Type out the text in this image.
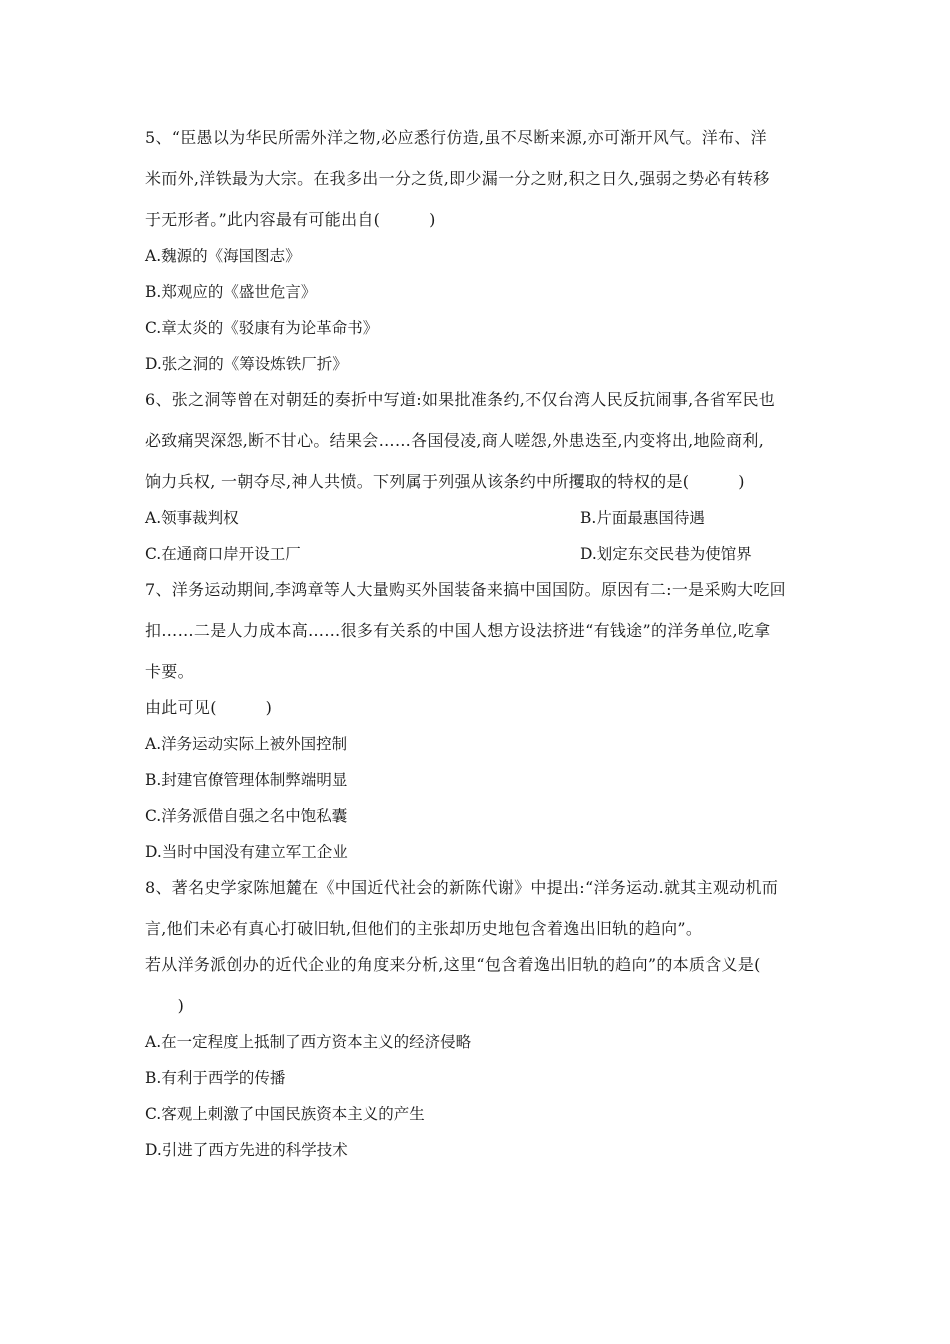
5、“臣愚以为华民所需外洋之物,必应悉行仿造,虽不尽断来源,亦可渐开风气。洋布、洋
米而外,洋铁最为大宗。在我多出一分之货,即少漏一分之财,积之日久,强弱之势必有转移
于无形者。”此内容最有可能出自(　　　)
A.魏源的《海国图志》
B.郑观应的《盛世危言》
C.章太炎的《驳康有为论革命书》
D.张之洞的《筹设炼铁厂折》
6、张之洞等曾在对朝廷的奏折中写道:如果批准条约,不仅台湾人民反抗闹事,各省军民也
必致痛哭深怨,断不甘心。结果会……各国侵凌,商人嗟怨,外患迭至,内变将出,地险商利,
饷力兵权, 一朝夺尽,神人共愤。下列属于列强从该条约中所攫取的特权的是(　　　)
A.领事裁判权	B.片面最惠国待遇
C.在通商口岸开设工厂	D.划定东交民巷为使馆界
7、洋务运动期间,李鸿章等人大量购买外国装备来搞中国国防。原因有二:一是采购大吃回
扣……二是人力成本高……很多有关系的中国人想方设法挤进“有钱途”的洋务单位,吃拿
卡要。
由此可见(　　　)
A.洋务运动实际上被外国控制
B.封建官僚管理体制弊端明显
C.洋务派借自强之名中饱私囊
D.当时中国没有建立军工企业
8、著名史学家陈旭麓在《中国近代社会的新陈代谢》中提出:“洋务运动.就其主观动机而
言,他们未必有真心打破旧轨,但他们的主张却历史地包含着逸出旧轨的趋向”。
若从洋务派创办的近代企业的角度来分析,这里“包含着逸出旧轨的趋向”的本质含义是(
　　)
A.在一定程度上抵制了西方资本主义的经济侵略
B.有利于西学的传播
C.客观上刺激了中国民族资本主义的产生
D.引进了西方先进的科学技术
